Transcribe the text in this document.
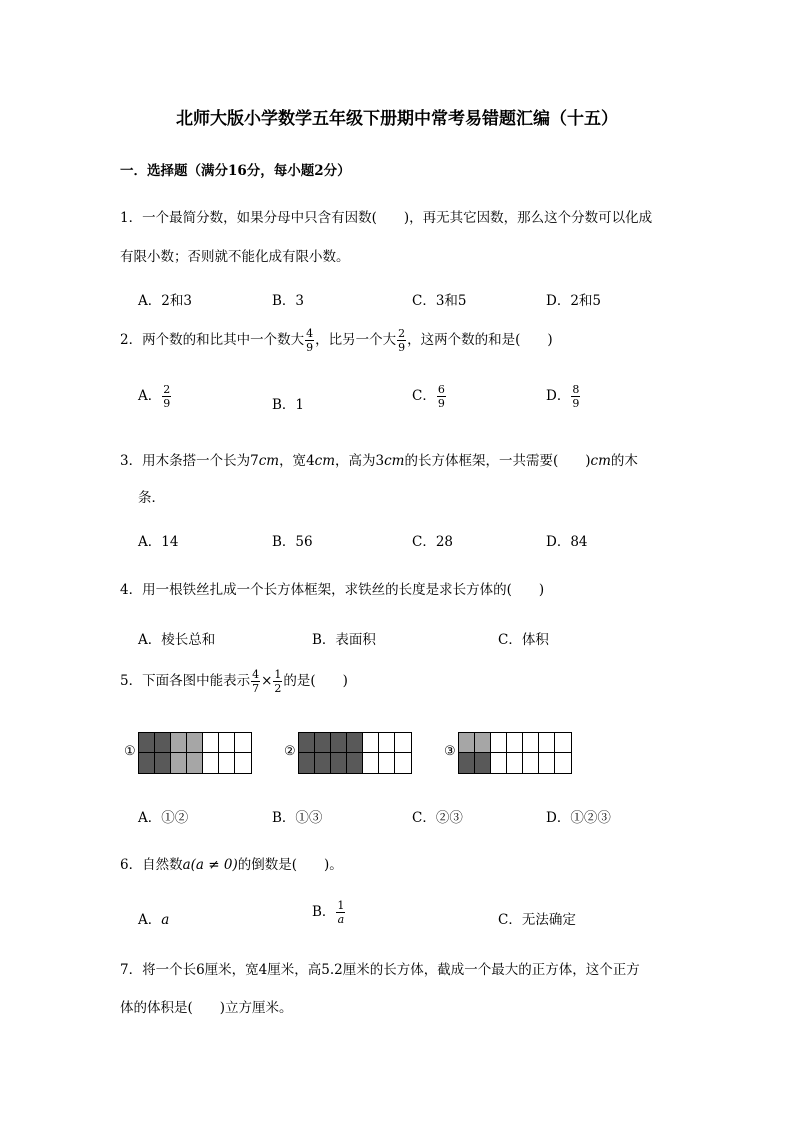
北师大版小学数学五年级下册期中常考易错题汇编（十五）
一．选择题（满分16分，每小题2分）
1．一个最简分数，如果分母中只含有因数(　　)，再无其它因数，那么这个分数可以化成
有限小数；否则就不能化成有限小数。
A．2和3	B．3	C．3和5	D．2和5
2．两个数的和比其中一个数大 $\frac{4}{9}$ ，比另一个大 $\frac{2}{9}$ ，这两个数的和是(　　)
A． $\frac{2}{9}$	B．1
C． $\frac{6}{9}$	D． $\frac{8}{9}$
3．用木条搭一个长为7cm，宽4cm，高为3cm的长方体框架，一共需要(　　)cm的木
条．
A．14	B．56	C．28	D．84
4．用一根铁丝扎成一个长方体框架，求铁丝的长度是求长方体的(　　)
A．棱长总和	B．表面积	C．体积
5．下面各图中能表示 $\frac{4}{7} \times \frac{1}{2}$ 的是(　　)
①	②	③
A．①②	B．①③	C．②③	D．①②③
6．自然数a(a ≠ 0)的倒数是(　　)。
A．a	B． $\frac{1}{a}$	C．无法确定
7．将一个长6厘米，宽4厘米，高5.2厘米的长方体，截成一个最大的正方体，这个正方
体的体积是(　　)立方厘米。
